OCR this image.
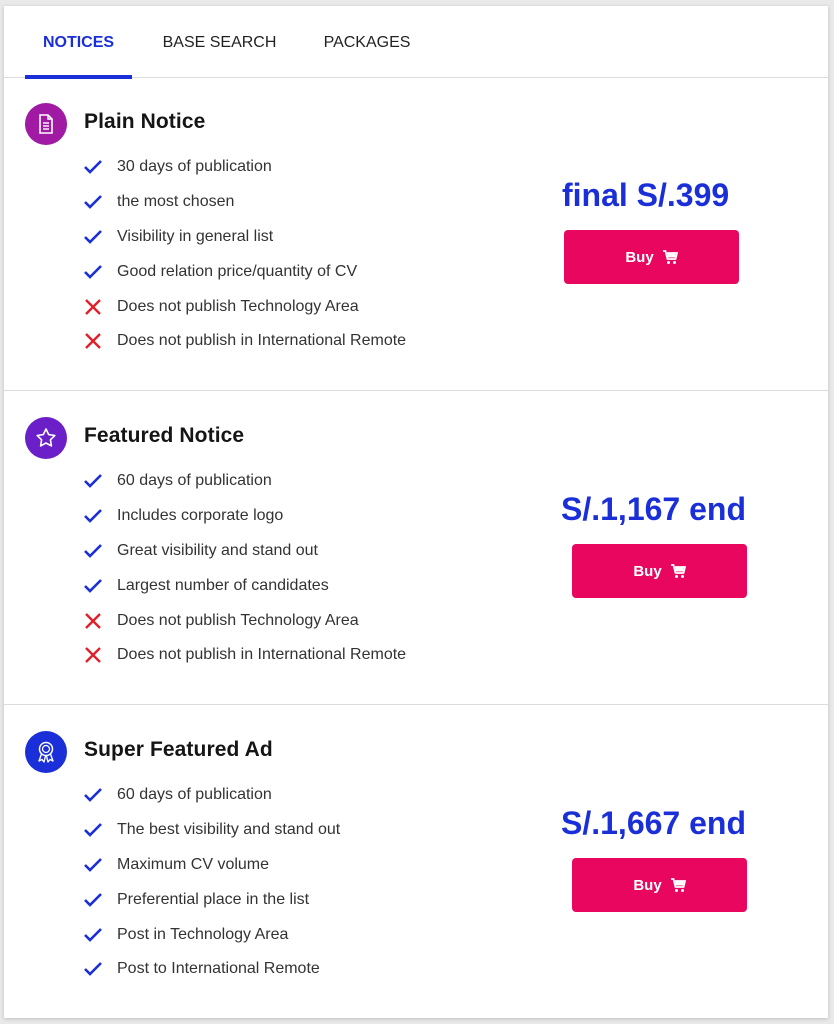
NOTICES	BASE SEARCH	PACKAGES
Plain Notice
30 days of publication
the most chosen
Visibility in general list
Good relation price/quantity of CV
Does not publish Technology Area
Does not publish in International Remote
final S/.399
Buy
Featured Notice
60 days of publication
Includes corporate logo
Great visibility and stand out
Largest number of candidates
Does not publish Technology Area
Does not publish in International Remote
S/.1,167 end
Buy
Super Featured Ad
60 days of publication
The best visibility and stand out
Maximum CV volume
Preferential place in the list
Post in Technology Area
Post to International Remote
S/.1,667 end
Buy
